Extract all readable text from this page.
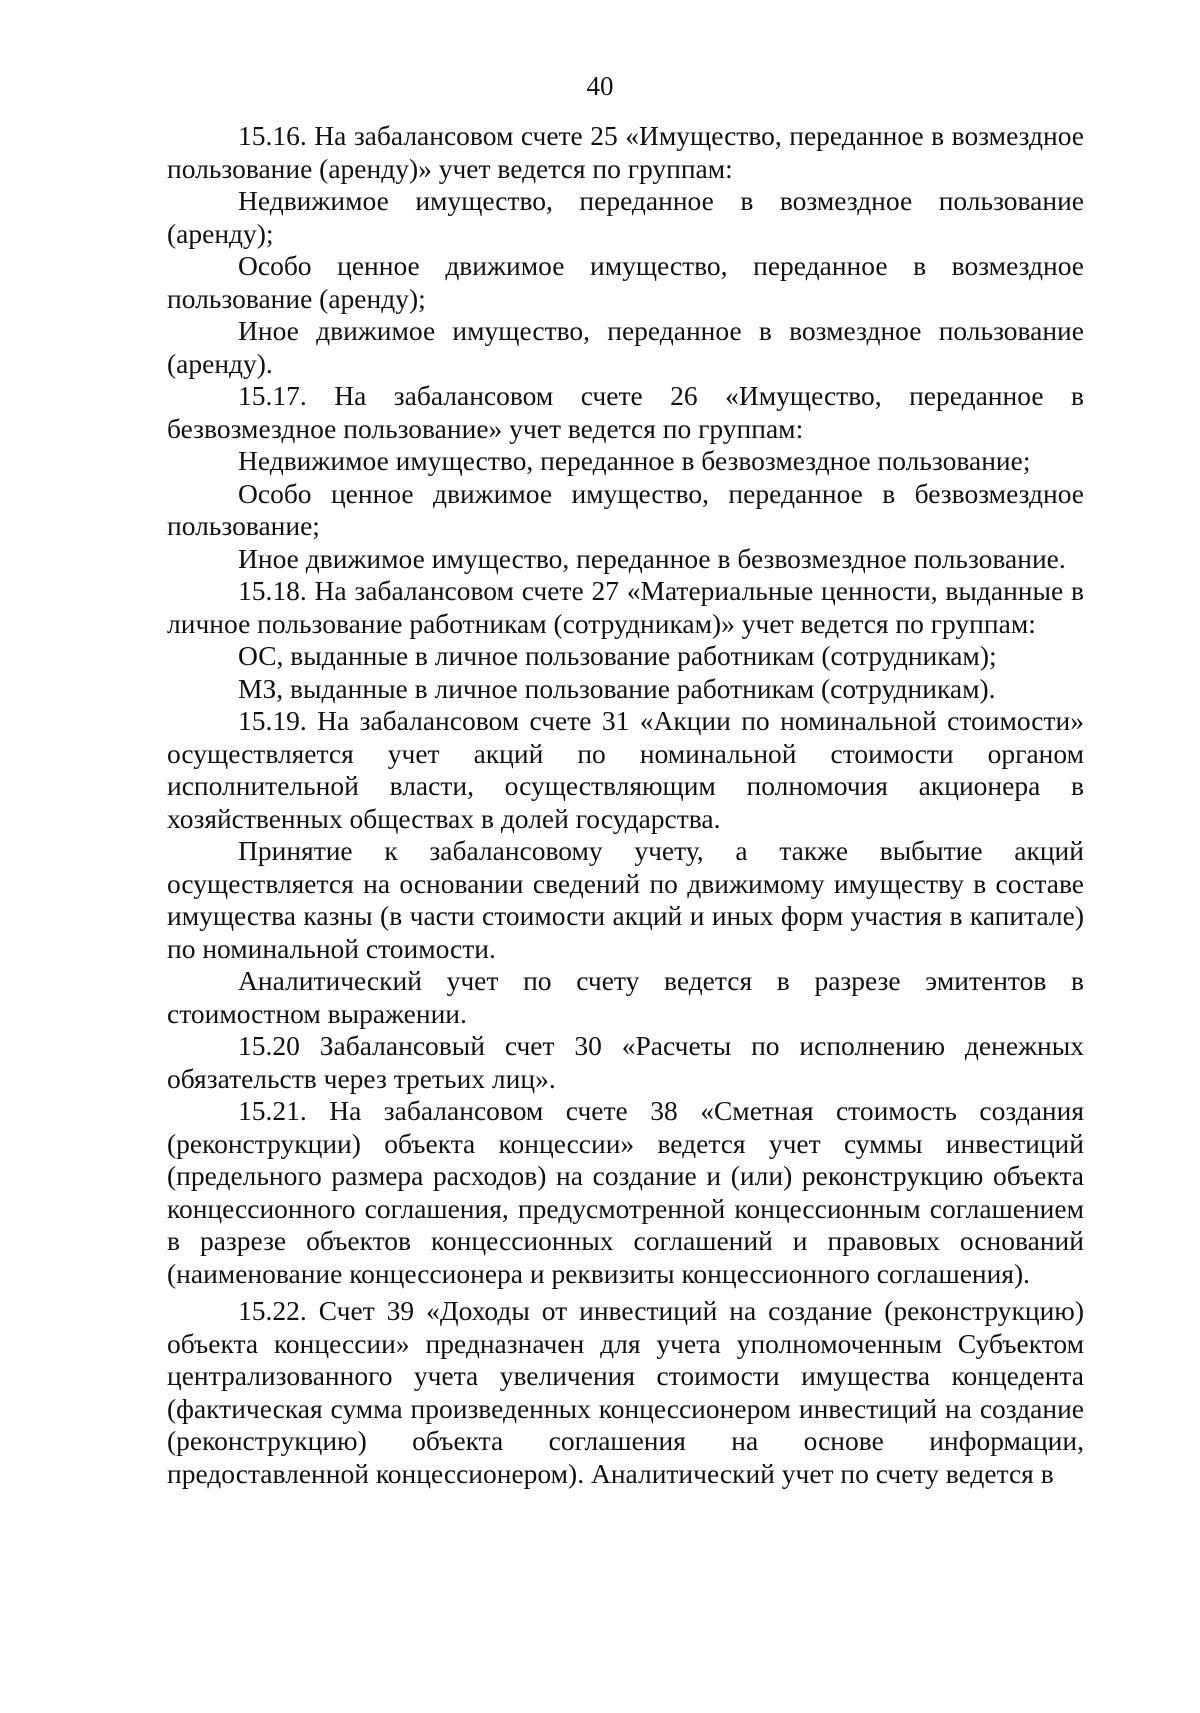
40

15.16. На забалансовом счете 25 «Имущество, переданное в возмездное пользование (аренду)» учет ведется по группам:

Недвижимое имущество, переданное в возмездное пользование (аренду);

Особо ценное движимое имущество, переданное в возмездное пользование (аренду);

Иное движимое имущество, переданное в возмездное пользование (аренду).

15.17. На забалансовом счете 26 «Имущество, переданное в безвозмездное пользование» учет ведется по группам:

Недвижимое имущество, переданное в безвозмездное пользование;

Особо ценное движимое имущество, переданное в безвозмездное пользование;

Иное движимое имущество, переданное в безвозмездное пользование.

15.18. На забалансовом счете 27 «Материальные ценности, выданные в личное пользование работникам (сотрудникам)» учет ведется по группам:

ОС, выданные в личное пользование работникам (сотрудникам);

МЗ, выданные в личное пользование работникам (сотрудникам).

15.19. На забалансовом счете 31 «Акции по номинальной стоимости» осуществляется учет акций по номинальной стоимости органом исполнительной власти, осуществляющим полномочия акционера в хозяйственных обществах в долей государства.

Принятие к забалансовому учету, а также выбытие акций осуществляется на основании сведений по движимому имуществу в составе имущества казны (в части стоимости акций и иных форм участия в капитале) по номинальной стоимости.

Аналитический учет по счету ведется в разрезе эмитентов в стоимостном выражении.

15.20 Забалансовый счет 30 «Расчеты по исполнению денежных обязательств через третьих лиц».

15.21. На забалансовом счете 38 «Сметная стоимость создания (реконструкции) объекта концессии» ведется учет суммы инвестиций (предельного размера расходов) на создание и (или) реконструкцию объекта концессионного соглашения, предусмотренной концессионным соглашением в разрезе объектов концессионных соглашений и правовых оснований (наименование концессионера и реквизиты концессионного соглашения).

15.22. Счет 39 «Доходы от инвестиций на создание (реконструкцию) объекта концессии» предназначен для учета уполномоченным Субъектом централизованного учета увеличения стоимости имущества концедента (фактическая сумма произведенных концессионером инвестиций на создание (реконструкцию) объекта соглашения на основе информации, предоставленной концессионером). Аналитический учет по счету ведется в
